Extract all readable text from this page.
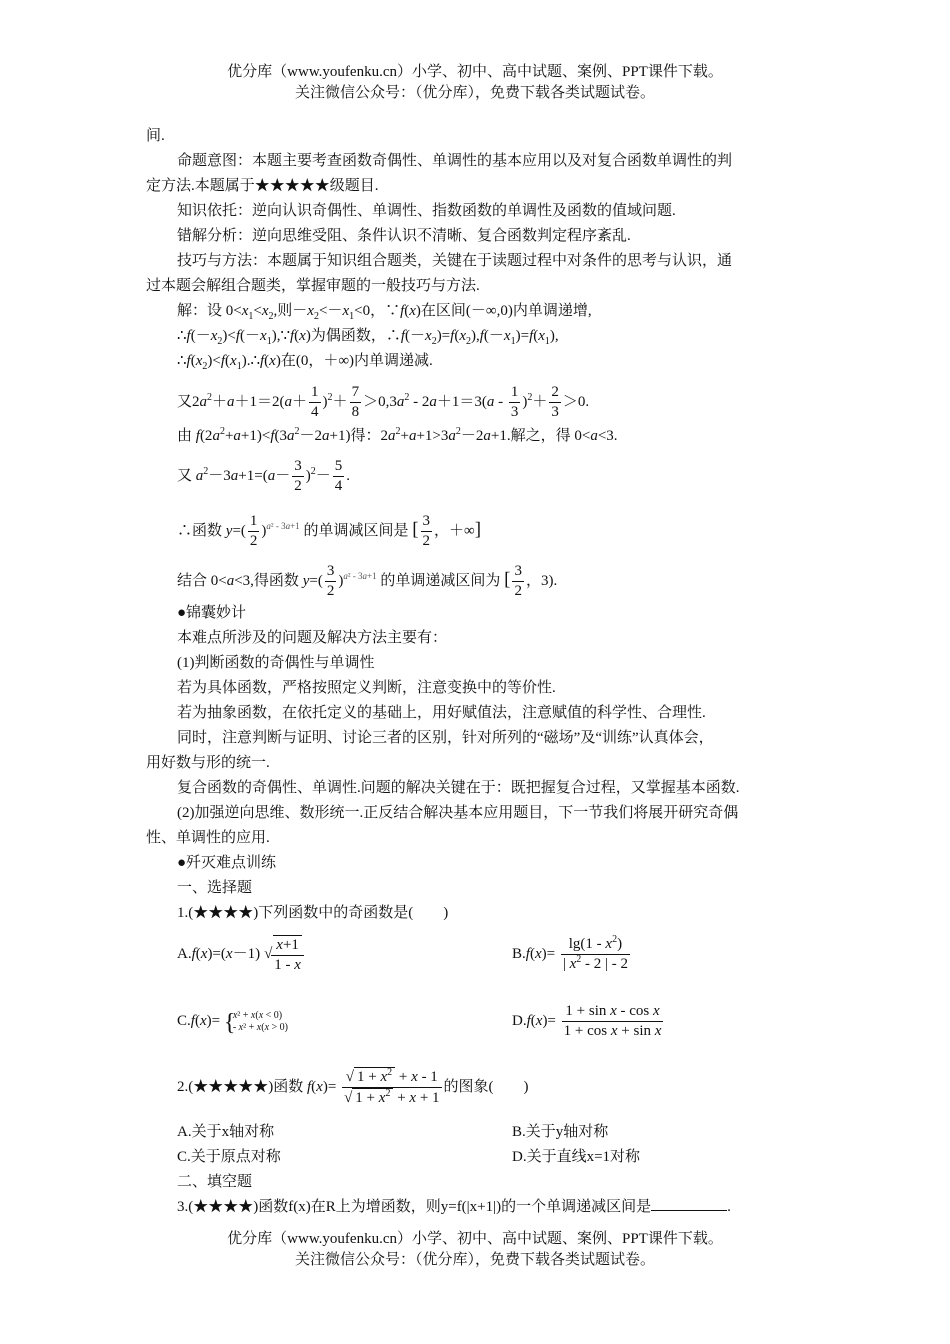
优分库（www.youfenku.cn）小学、初中、高中试题、案例、PPT课件下载。
关注微信公众号：（优分库），免费下载各类试题试卷。
间.
命题意图：本题主要考查函数奇偶性、单调性的基本应用以及对复合函数单调性的判
定方法.本题属于★★★★★级题目.
知识依托：逆向认识奇偶性、单调性、指数函数的单调性及函数的值域问题.
错解分析：逆向思维受阻、条件认识不清晰、复合函数判定程序紊乱.
技巧与方法：本题属于知识组合题类，关键在于读题过程中对条件的思考与认识，通
过本题会解组合题类，掌握审题的一般技巧与方法.
解：设 $0<x_1<x_2$,则$-x_2<-x_1<0$，∵f(x)在区间(－∞,0)内单调递增,
$\therefore f(-x_2)<f(-x_1),\because f(x)$为偶函数，$\therefore f(-x_2)=f(x_2),f(-x_1)=f(x_1)$,
$\therefore f(x_2)<f(x_1).\therefore f(x)$在(0，＋∞)内单调递减.
又$2a^2+a+1=2(a+ \frac{1}{4} )^2+ \frac{7}{8} >0,3a^2 - 2a+1=3(a - \frac{1}{3} )^2+ \frac{2}{3} >0$.
由 $f(2a^2+a+1)<f(3a^2-2a+1)$得：$2a^2+a+1>3a^2-2a+1$.解之，得 0<a<3.
又 $a^2-3a+1=(a- \frac{3}{2} )^2- \frac{5}{4}$ .
∴函数 $y=( \frac{1}{2} )^{a^2 - 3a+1}$ 的单调减区间是 [ $\frac{3}{2}$ ，＋∞]
结合 0<a<3,得函数 $y=( \frac{3}{2} )^{a^2 - 3a+1}$ 的单调递减区间为 [ $\frac{3}{2}$ ，3).
●锦囊妙计
本难点所涉及的问题及解决方法主要有：
(1)判断函数的奇偶性与单调性
若为具体函数，严格按照定义判断，注意变换中的等价性.
若为抽象函数，在依托定义的基础上，用好赋值法，注意赋值的科学性、合理性.
同时，注意判断与证明、讨论三者的区别，针对所列的“磁场”及“训练”认真体会，
用好数与形的统一.
复合函数的奇偶性、单调性.问题的解决关键在于：既把握复合过程，又掌握基本函数.
(2)加强逆向思维、数形统一.正反结合解决基本应用题目，下一节我们将展开研究奇偶
性、单调性的应用.
●歼灭难点训练
一、选择题
1.(★★★★)下列函数中的奇函数是(　　)
A.f(x)=(x－1) √ $\frac{x+1}{1 - x}$	$B.f(x)= \frac{\lg(1 - x^2)}{| x^2 - 2 | - 2}$
C.f(x)=
{ x² + x(x < 0)
- x² + x(x > 0)	$D.f(x)= \frac{\text{1 + sin x - cos x}}{\text{1 + cos x + sin x}}$
2.(★★★★★)函数 $f(x)= \frac{√ 1 + x^2 + x - 1}{√ 1 + x^2 + x + 1}$ 的图象(　　)
A.关于x轴对称	B.关于y轴对称
C.关于原点对称	D.关于直线x=1对称
二、填空题
3.(★★★★)函数f(x)在R上为增函数，则y=f(|x+1|)的一个单调递减区间是	.
优分库（www.youfenku.cn）小学、初中、高中试题、案例、PPT课件下载。
关注微信公众号：（优分库），免费下载各类试题试卷。
